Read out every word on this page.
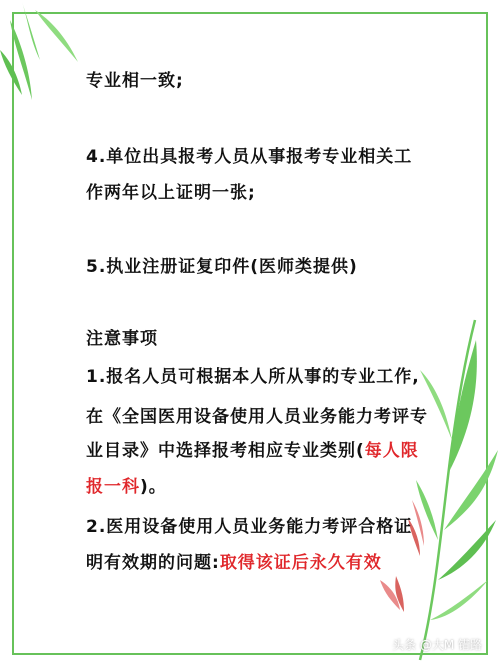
专业相一致;
4.单位出具报考人员从事报考专业相关工
作两年以上证明一张;
5.执业注册证复印件(医师类提供)
注意事项
1.报名人员可根据本人所从事的专业工作,
在《全国医用设备使用人员业务能力考评专
业目录》中选择报考相应专业类别(每人限
报一科)。
2.医用设备使用人员业务能力考评合格证
明有效期的问题:取得该证后永久有效
头条 @大M 错路
